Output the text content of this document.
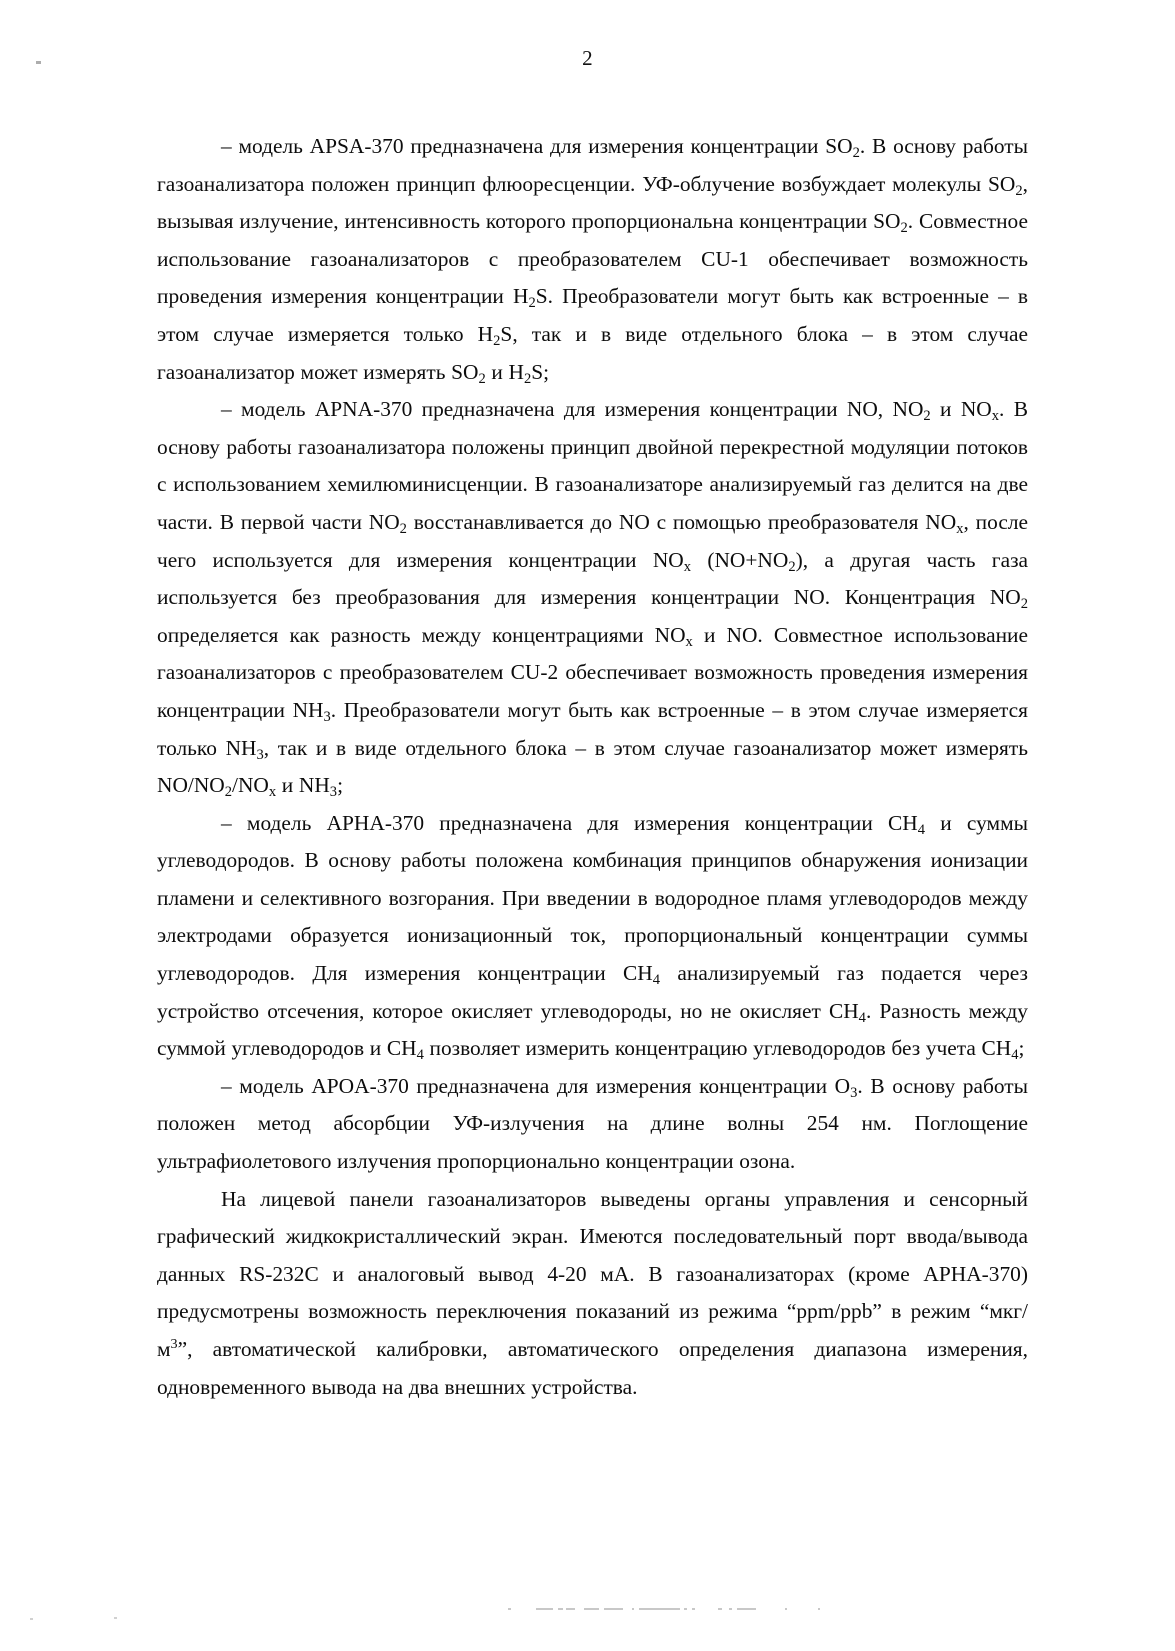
2

– модель APSA-370 предназначена для измерения концентрации $SO_2$. В основу работы газоанализатора положен принцип флюоресценции. УФ-облучение возбуждает молекулы $SO_2$, вызывая излучение, интенсивность которого пропорциональна концентрации $SO_2$. Совместное использование газоанализаторов с преобразователем CU-1 обеспечивает возможность проведения измерения концентрации $H_2S$. Преобразователи могут быть как встроенные – в этом случае измеряется только $H_2S$, так и в виде отдельного блока – в этом случае газоанализатор может измерять $SO_2$ и $H_2S$;

– модель APNA-370 предназначена для измерения концентрации NO, $NO_2$ и $NO_x$. В основу работы газоанализатора положены принцип двойной перекрестной модуляции потоков с использованием хемилюминисценции. В газоанализаторе анализируемый газ делится на две части. В первой части $NO_2$ восстанавливается до NO с помощью преобразователя $NO_x$, после чего используется для измерения концентрации $NO_x$ $(NO+NO_2)$, а другая часть газа используется без преобразования для измерения концентрации NO. Концентрация $NO_2$ определяется как разность между концентрациями $NO_x$ и NO. Совместное использование газоанализаторов с преобразователем CU-2 обеспечивает возможность проведения измерения концентрации $NH_3$. Преобразователи могут быть как встроенные – в этом случае измеряется только $NH_3$, так и в виде отдельного блока – в этом случае газоанализатор может измерять $NO/NO_2/NO_x$ и $NH_3$;

– модель APHA-370 предназначена для измерения концентрации $CH_4$ и суммы углеводородов. В основу работы положена комбинация принципов обнаружения ионизации пламени и селективного возгорания. При введении в водородное пламя углеводородов между электродами образуется ионизационный ток, пропорциональный концентрации суммы углеводородов. Для измерения концентрации $CH_4$ анализируемый газ подается через устройство отсечения, которое окисляет углеводороды, но не окисляет $CH_4$. Разность между суммой углеводородов и $CH_4$ позволяет измерить концентрацию углеводородов без учета $CH_4$;

– модель APOA-370 предназначена для измерения концентрации $O_3$. В основу работы положен метод абсорбции УФ-излучения на длине волны 254 нм. Поглощение ультрафиолетового излучения пропорционально концентрации озона.

На лицевой панели газоанализаторов выведены органы управления и сенсорный графический жидкокристаллический экран. Имеются последовательный порт ввода/вывода данных RS-232C и аналоговый вывод 4-20 мА. В газоанализаторах (кроме APHA-370) предусмотрены возможность переключения показаний из режима “ppm/ppb” в режим “$мкг/м^3$”, автоматической калибровки, автоматического определения диапазона измерения, одновременного вывода на два внешних устройства.
